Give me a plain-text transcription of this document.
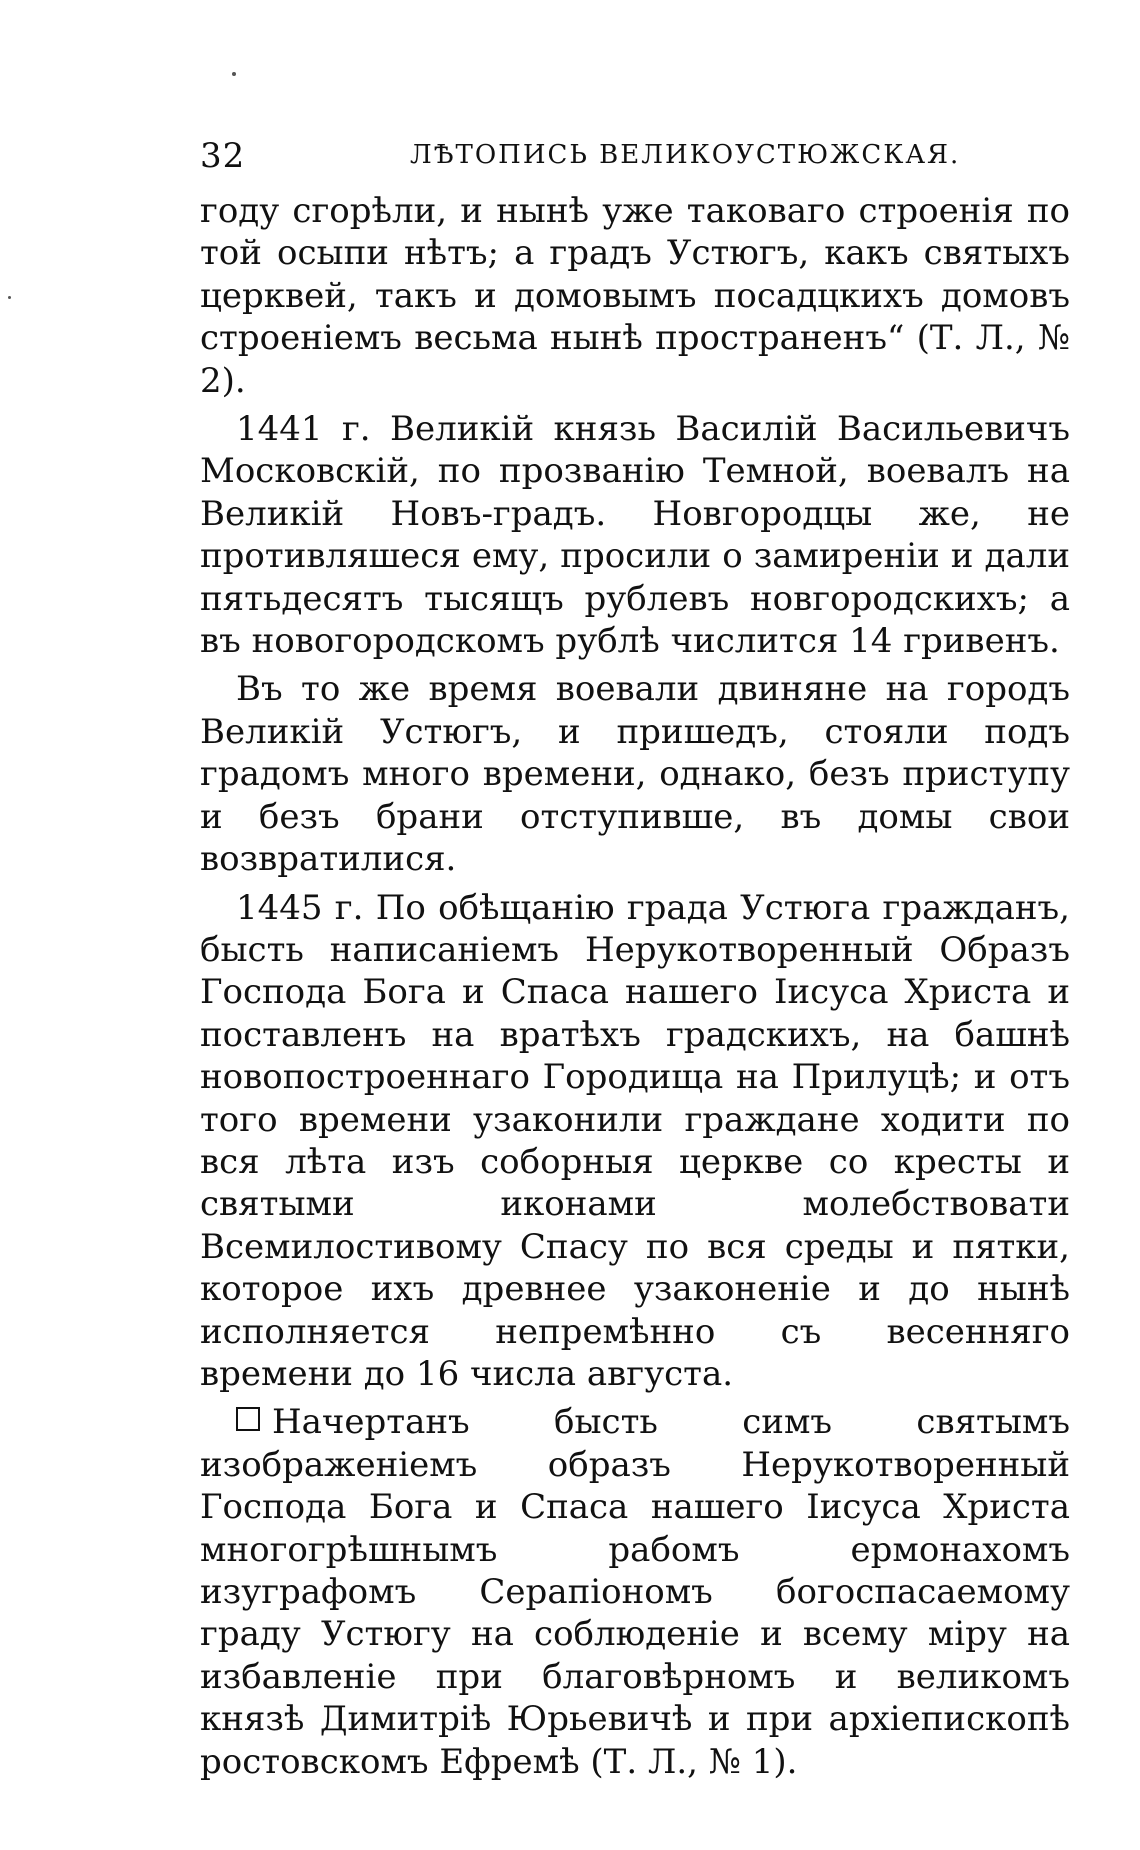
32	ЛѢТОПИСЬ ВЕЛИКОУСТЮЖСКАЯ.

году сгорѣли, и нынѣ уже таковаго строенія по той осыпи нѣтъ; а градъ Устюгъ, какъ святыхъ церквей, такъ и домовымъ посадцкихъ домовъ строеніемъ весьма нынѣ пространенъ“ (Т. Л., № 2).

1441 г. Великій князь Василій Васильевичъ Московскій, по прозванію Темной, воевалъ на Великій Новъ-градъ. Новгородцы же, не противляшеся ему, просили о замиреніи и дали пятьдесятъ тысящъ рублевъ новгородскихъ; а въ новогородскомъ рублѣ числится 14 гривенъ.

Въ то же время воевали двиняне на городъ Великій Устюгъ, и пришедъ, стояли подъ градомъ много времени, однако, безъ приступу и безъ брани отступивше, въ домы свои возвратилися.

1445 г. По обѣщанію града Устюга гражданъ, бысть написаніемъ Нерукотворенный Образъ Господа Бога и Спаса нашего Іисуса Христа и поставленъ на вратѣхъ градскихъ, на башнѣ новопостроеннаго Городища на Прилуцѣ; и отъ того времени узаконили граждане ходити по вся лѣта изъ соборныя церкве со кресты и святыми иконами молебствовати Всемилостивому Спасу по вся среды и пятки, которое ихъ древнее узаконеніе и до нынѣ исполняется непремѣнно съ весенняго времени до 16 числа августа.

Начертанъ бысть симъ святымъ изображеніемъ образъ Нерукотворенный Господа Бога и Спаса нашего Іисуса Христа многогрѣшнымъ рабомъ ермонахомъ изуграфомъ Серапіономъ богоспасаемому граду Устюгу на соблюденіе и всему міру на избавленіе при благовѣрномъ и великомъ князѣ Димитріѣ Юрьевичѣ и при архіепископѣ ростовскомъ Ефремѣ (Т. Л., № 1).
